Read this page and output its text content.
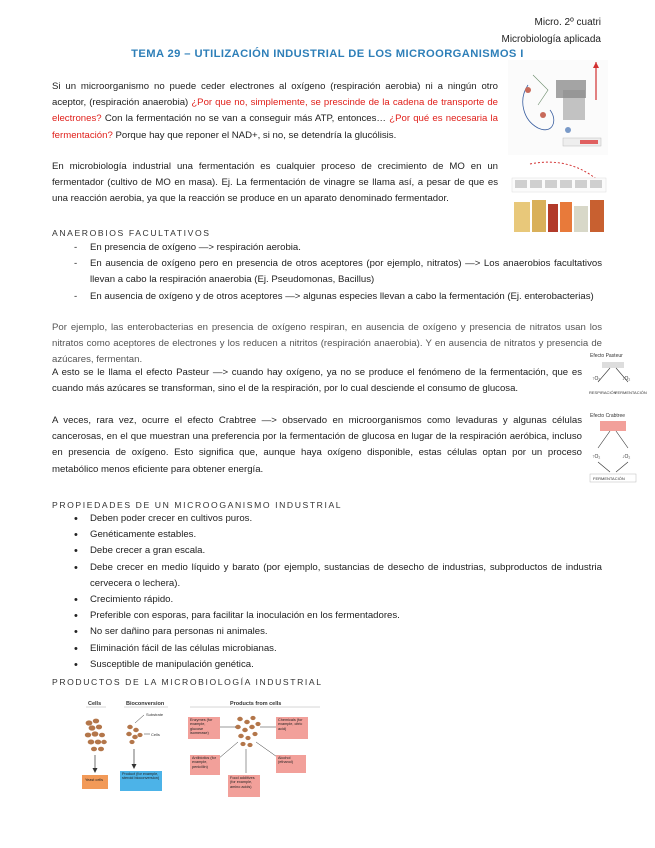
Micro. 2º cuatri
Microbiología aplicada
TEMA 29 – UTILIZACIÓN INDUSTRIAL DE LOS MICROORGANISMOS I
Si un microorganismo no puede ceder electrones al oxígeno (respiración aerobia) ni a ningún otro aceptor, (respiración anaerobia) ¿Por que no, simplemente, se prescinde de la cadena de transporte de electrones? Con la fermentación no se van a conseguir más ATP, entonces… ¿Por qué es necesaria la fermentación? Porque hay que reponer el NAD+, si no, se detendría la glucólisis.
En microbiología industrial una fermentación es cualquier proceso de crecimiento de MO en un fermentador (cultivo de MO en masa). Ej. La fermentación de vinagre se llama así, a pesar de que es una reacción aerobia, ya que la reacción se produce en un aparato denominado fermentador.
ANAEROBIOS FACULTATIVOS
- En presencia de oxígeno —> respiración aerobia.
- En ausencia de oxígeno pero en presencia de otros aceptores (por ejemplo, nitratos) —> Los anaerobios facultativos llevan a cabo la respiración anaerobia (Ej. Pseudomonas, Bacillus)
- En ausencia de oxígeno y de otros aceptores —> algunas especies llevan a cabo la fermentación (Ej. enterobacterias)
Por ejemplo, las enterobacterias en presencia de oxígeno respiran, en ausencia de oxígeno y presencia de nitratos usan los nitratos como aceptores de electrones y los reducen a nitritos (respiración anaerobia). Y en ausencia de nitratos y presencia de azúcares, fermentan.
A esto se le llama el efecto Pasteur —> cuando hay oxígeno, ya no se produce el fenómeno de la fermentación, que es cuando más azúcares se transforman, sino el de la respiración, por lo cual desciende el consumo de glucosa.
A veces, rara vez, ocurre el efecto Crabtree —> observado en microorganismos como levaduras y algunas células cancerosas, en el que muestran una preferencia por la fermentación de glucosa en lugar de la respiración aeróbica, incluso en presencia de oxígeno. Esto significa que, aunque haya oxígeno disponible, estas células optan por un proceso metabólico menos eficiente para obtener energía.
Efecto Pasteur
↑O₂	↓O₂
RESPIRACIÓN
FERMENTACIÓN
Efecto Crabtree
↑O₂	↓O₂
FERMENTACIÓN
PROPIEDADES DE UN MICROOGANISMO INDUSTRIAL
• Deben poder crecer en cultivos puros.
• Genéticamente estables.
• Debe crecer a gran escala.
• Debe crecer en medio líquido y barato (por ejemplo, sustancias de desecho de industrias, subproductos de industria cervecera o lechera).
• Crecimiento rápido.
• Preferible con esporas, para facilitar la inoculación en los fermentadores.
• No ser dañino para personas ni animales.
• Eliminación fácil de las células microbianas.
• Susceptible de manipulación genética.
PRODUCTOS DE LA MICROBIOLOGÍA INDUSTRIAL
Cells
Yeast cells
Bioconversion
Substrate
Cells
Product (for example, steroid bioconversion)
Products from cells
Enzymes (for example, glucose isomerase)
Chemicals (for example, citric acid)
Antibiotics (for example, penicillin)
Alcohol (ethanol)
Food additives (for example, amino acids)
